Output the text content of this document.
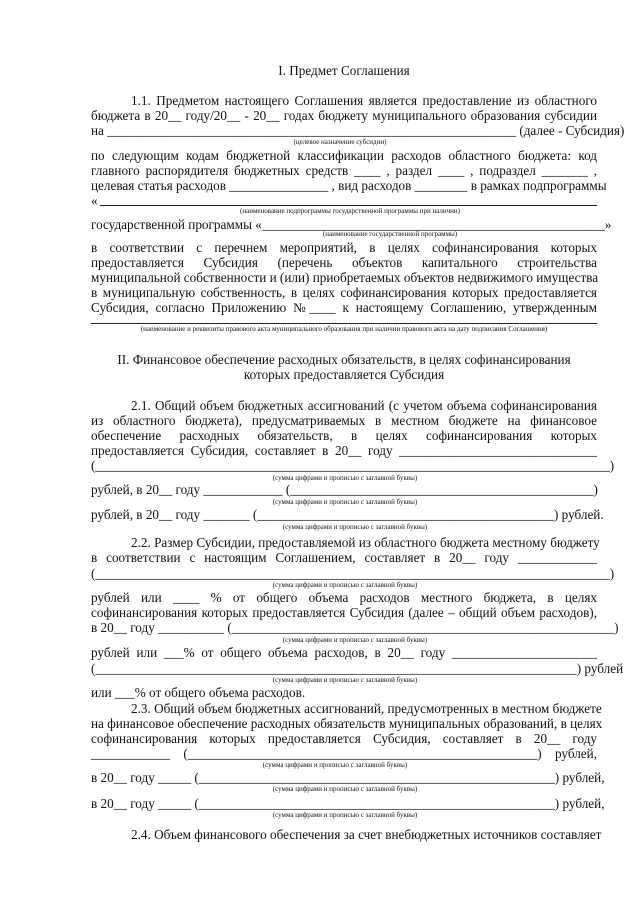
I. Предмет Соглашения
1.1. Предметом настоящего Соглашения является предоставление из областного
бюджета в 20__ году/20__ - 20__ годах бюджету муниципального образования субсидии
на ______________________________________________________________ (далее - Субсидия)
(целевое назначение субсидии)
по следующим кодам бюджетной классификации расходов областного бюджета: код
главного распорядителя бюджетных средств ____ , раздел ____ , подраздел _______ ,
целевая статья расходов _______________ , вид расходов ________ в рамках подпрограммы
«
(наименование подпрограммы государственной программы при наличии)
государственной программы «____________________________________________________»
(наименование государственной программы)
в соответствии с перечнем мероприятий, в целях софинансирования которых
предоставляется Субсидия (перечень объектов капитального строительства
муниципальной собственности и (или) приобретаемых объектов недвижимого имущества
в муниципальную собственность, в целях софинансирования которых предоставляется
Субсидия, согласно Приложению №____ к настоящему Соглашению, утвержденным
(наименование и реквизиты правового акта муниципального образования при наличии правового акта на дату подписания Соглашения)
II. Финансовое обеспечение расходных обязательств, в целях софинансирования
которых предоставляется Субсидия
2.1. Общий объем бюджетных ассигнований (с учетом объема софинансирования
из областного бюджета), предусматриваемых в местном бюджете на финансовое
обеспечение расходных обязательств, в целях софинансирования которых
предоставляется Субсидия, составляет в 20__ году ______________________________
(______________________________________________________________________________)
(сумма цифрами и прописью с заглавной буквы)
рублей, в 20__ году ____________ (______________________________________________)
(сумма цифрами и прописью с заглавной буквы)
рублей, в 20__ году _______ (_____________________________________________) рублей.
(сумма цифрами и прописью с заглавной буквы)
2.2. Размер Субсидии, предоставляемой из областного бюджета местному бюджету
в соответствии с настоящим Соглашением, составляет в 20__ году ____________
(______________________________________________________________________________)
(сумма цифрами и прописью с заглавной буквы)
рублей или ____ % от общего объема расходов местного бюджета, в целях
софинансирования которых предоставляется Субсидия (далее – общий объем расходов),
в 20__ году __________ (__________________________________________________________)
(сумма цифрами и прописью с заглавной буквы)
рублей или ___% от общего объема расходов, в 20__ году ______________________
(_________________________________________________________________________) рублей
(сумма цифрами и прописью с заглавной буквы)
или ___% от общего объема расходов.
2.3. Общий объем бюджетных ассигнований, предусмотренных в местном бюджете
на финансовое обеспечение расходных обязательств муниципальных образований, в целях
софинансирования которых предоставляется Субсидия, составляет в 20__ году
____________ (_____________________________________________________) рублей,
(сумма цифрами и прописью с заглавной буквы)
в 20__ году _____ (______________________________________________________) рублей,
(сумма цифрами и прописью с заглавной буквы)
в 20__ году _____ (______________________________________________________) рублей,
(сумма цифрами и прописью с заглавной буквы)
2.4. Объем финансового обеспечения за счет внебюджетных источников составляет
